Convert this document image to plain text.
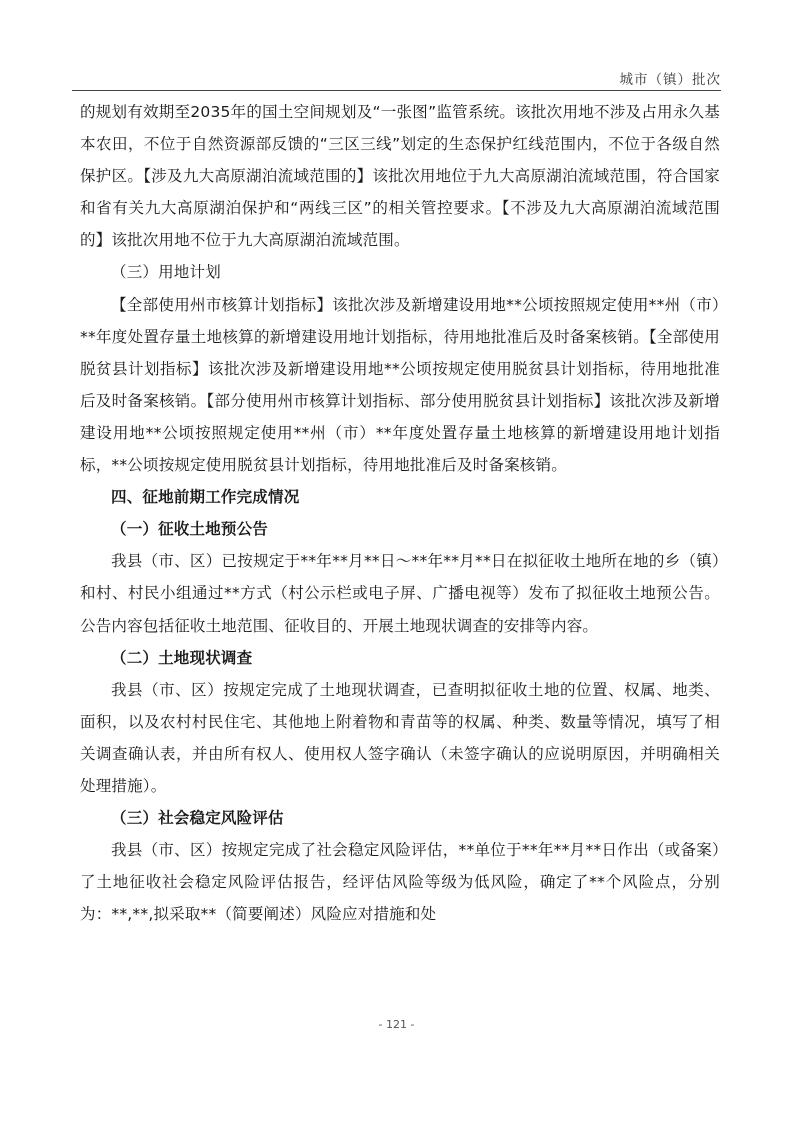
城市（镇）批次

的规划有效期至2035年的国土空间规划及“一张图”监管系统。该批次用地不涉及占用永久基本农田，不位于自然资源部反馈的“三区三线”划定的生态保护红线范围内，不位于各级自然保护区。【涉及九大高原湖泊流域范围的】该批次用地位于九大高原湖泊流域范围，符合国家和省有关九大高原湖泊保护和“两线三区”的相关管控要求。【不涉及九大高原湖泊流域范围的】该批次用地不位于九大高原湖泊流域范围。

（三）用地计划

【全部使用州市核算计划指标】该批次涉及新增建设用地**公顷按照规定使用**州（市）**年度处置存量土地核算的新增建设用地计划指标，待用地批准后及时备案核销。【全部使用脱贫县计划指标】该批次涉及新增建设用地**公顷按规定使用脱贫县计划指标，待用地批准后及时备案核销。【部分使用州市核算计划指标、部分使用脱贫县计划指标】该批次涉及新增建设用地**公顷按照规定使用**州（市）**年度处置存量土地核算的新增建设用地计划指标，**公顷按规定使用脱贫县计划指标，待用地批准后及时备案核销。

四、征地前期工作完成情况

（一）征收土地预公告

我县（市、区）已按规定于**年**月**日～**年**月**日在拟征收土地所在地的乡（镇）和村、村民小组通过**方式（村公示栏或电子屏、广播电视等）发布了拟征收土地预公告。公告内容包括征收土地范围、征收目的、开展土地现状调查的安排等内容。

（二）土地现状调查

我县（市、区）按规定完成了土地现状调查，已查明拟征收土地的位置、权属、地类、面积，以及农村村民住宅、其他地上附着物和青苗等的权属、种类、数量等情况，填写了相关调查确认表，并由所有权人、使用权人签字确认（未签字确认的应说明原因，并明确相关处理措施）。

（三）社会稳定风险评估

我县（市、区）按规定完成了社会稳定风险评估，**单位于**年**月**日作出（或备案）了土地征收社会稳定风险评估报告，经评估风险等级为低风险，确定了**个风险点，分别为：**,**,拟采取**（简要阐述）风险应对措施和处

- 121 -
